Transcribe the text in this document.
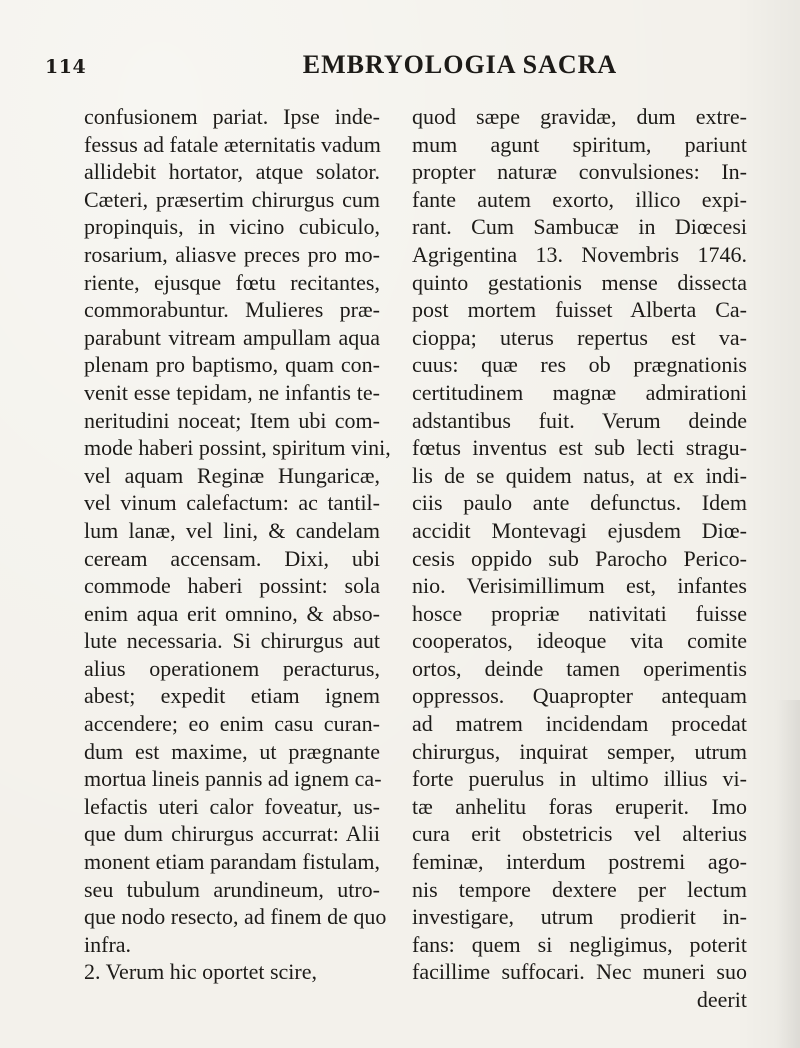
114	EMBRYOLOGIA SACRA
confusionem pariat. Ipse inde-
fessus ad fatale æternitatis vadum
allidebit hortator, atque solator.
Cæteri, præsertim chirurgus cum
propinquis, in vicino cubiculo,
rosarium, aliasve preces pro mo-
riente, ejusque fœtu recitantes,
commorabuntur. Mulieres præ-
parabunt vitream ampullam aqua
plenam pro baptismo, quam con-
venit esse tepidam, ne infantis te-
neritudini noceat; Item ubi com-
mode haberi possint, spiritum vini,
vel aquam Reginæ Hungaricæ,
vel vinum calefactum: ac tantil-
lum lanæ, vel lini, & candelam
ceream accensam. Dixi, ubi
commode haberi possint: sola
enim aqua erit omnino, & abso-
lute necessaria. Si chirurgus aut
alius operationem peracturus,
abest; expedit etiam ignem
accendere; eo enim casu curan-
dum est maxime, ut prægnante
mortua lineis pannis ad ignem ca-
lefactis uteri calor foveatur, us-
que dum chirurgus accurrat: Alii
monent etiam parandam fistulam,
seu tubulum arundineum, utro-
que nodo resecto, ad finem de quo
infra.
2. Verum hic oportet scire,
quod sæpe gravidæ, dum extre-
mum agunt spiritum, pariunt
propter naturæ convulsiones: In-
fante autem exorto, illico expi-
rant. Cum Sambucæ in Diœcesi
Agrigentina 13. Novembris 1746.
quinto gestationis mense dissecta
post mortem fuisset Alberta Ca-
cioppa; uterus repertus est va-
cuus: quæ res ob prægnationis
certitudinem magnæ admirationi
adstantibus fuit. Verum deinde
fœtus inventus est sub lecti stragu-
lis de se quidem natus, at ex indi-
ciis paulo ante defunctus. Idem
accidit Montevagi ejusdem Diœ-
cesis oppido sub Parocho Perico-
nio. Verisimillimum est, infantes
hosce propriæ nativitati fuisse
cooperatos, ideoque vita comite
ortos, deinde tamen operimentis
oppressos. Quapropter antequam
ad matrem incidendam procedat
chirurgus, inquirat semper, utrum
forte puerulus in ultimo illius vi-
tæ anhelitu foras eruperit. Imo
cura erit obstetricis vel alterius
feminæ, interdum postremi ago-
nis tempore dextere per lectum
investigare, utrum prodierit in-
fans: quem si negligimus, poterit
facillime suffocari. Nec muneri suo
deerit
